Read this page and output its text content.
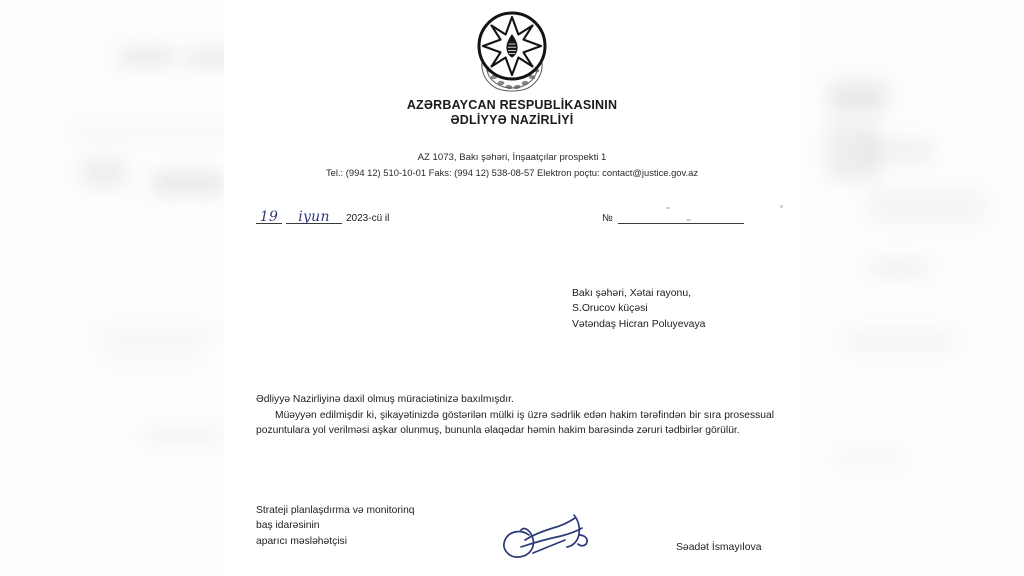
AZƏRBAYCAN RESPUBLİKASININ
ƏDLİYYƏ NAZİRLİYİ
AZ 1073, Bakı şəhəri, İnşaatçılar prospekti 1
Tel.: (994 12) 510-10-01 Faks: (994 12) 538-08-57 Elektron poçtu: contact@justice.gov.az
19	iyun	2023-cü il	№
Bakı şəhəri, Xətai rayonu,
S.Orucov küçəsi
Vətəndaş Hicran Poluyevaya

Ədliyyə Nazirliyinə daxil olmuş müraciətinizə baxılmışdır.

Müəyyən edilmişdir ki, şikayətinizdə göstərilən mülki iş üzrə sədrlik edən hakim tərəfindən bir sıra prosessual pozuntulara yol verilməsi aşkar olunmuş, bununla əlaqədar həmin hakim barəsində zəruri tədbirlər görülür.

Strateji planlaşdırma və monitorinq
baş idarəsinin
aparıcı məsləhətçisi
Səadət İsmayılova
